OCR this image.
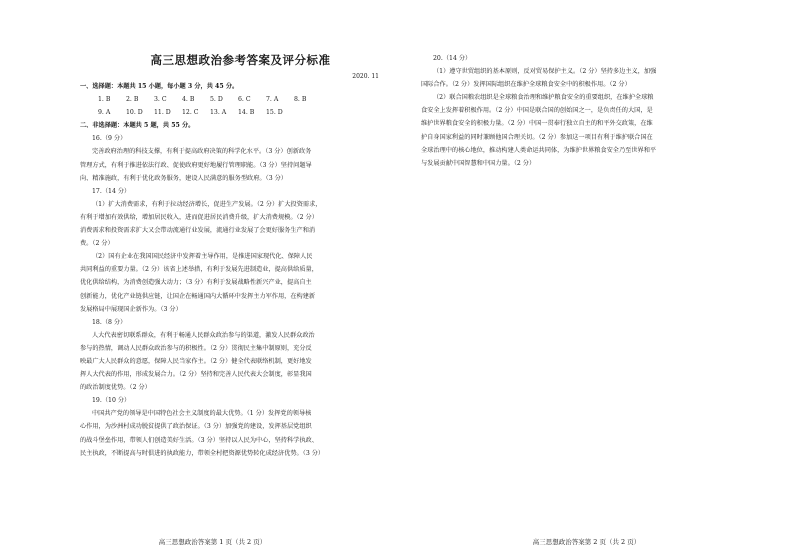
高三思想政治参考答案及评分标准
2020. 11
一、选择题：本题共 15 小题，每小题 3 分，共 45 分。
1. B	2. B	3. C	4. B	5. D	6. C	7. A	8. B
9. A	10. D	11. D	12. C	13. A	14. B	15. D
二、非选择题：本题共 5 题，共 55 分。
16.（9 分）
完善政府治理的科技支撑，有利于提高政府决策的科学化水平。（3 分）创新政务
管理方式，有利于推进依法行政、促使政府更好地履行管理职能。（3 分）坚持问题导
向、精准施政，有利于优化政务服务，建设人民满意的服务型政府。（3 分）
17.（14 分）
（1）扩大消费需求，有利于拉动经济增长，促进生产发展。（2 分）扩大投资需求，
有利于增加有效供给，增加居民收入，进而促进居民消费升级，扩大消费规模。（2 分）
消费需求和投资需求扩大又会带动流通行业发展，流通行业发展了会更好服务生产和消
费。（2 分）
（2）国有企业在我国国民经济中发挥着主导作用，是推进国家现代化、保障人民
共同利益的重要力量。（2 分）该省上述举措，有利于发展先进制造业，提高供给质量，
优化供给结构，为消费创造强大动力；（3 分）有利于发展战略性新兴产业，提高自主
创新能力，优化产业链供应链，让国企在畅通国内大循环中发挥主力军作用，在构建新
发展格局中展现国企新作为。（3 分）
18.（8 分）
人大代表密切联系群众，有利于畅通人民群众政治参与的渠道，激发人民群众政治
参与的热情，调动人民群众政治参与的积极性。（2 分）贯彻民主集中制原则，充分反
映最广大人民群众的意愿，保障人民当家作主。（2 分）健全代表联络机制，更好地发
挥人大代表的作用，形成发展合力。（2 分）坚持和完善人民代表大会制度，彰显我国
的政治制度优势。（2 分）
19.（10 分）
中国共产党的领导是中国特色社会主义制度的最大优势。（1 分）发挥党的领导核
心作用，为沙洲村成功脱贫提供了政治保证。（3 分）加强党的建设，发挥基层党组织
的战斗堡垒作用，带领人们创造美好生活。（3 分）坚持以人民为中心，坚持科学执政、
民主执政，不断提高与时俱进的执政能力，带领全村把资源优势转化成经济优势。（3 分）
高三思想政治答案第 1 页（共 2 页）
20.（14 分）
（1）遵守世贸组织的基本原则，反对贸易保护主义。（2 分）坚持多边主义，加强
国际合作。（2 分）发挥国际组织在维护全球粮食安全中的积极作用。（2 分）
（2）联合国粮农组织是全球粮食治理和维护粮食安全的重要组织，在维护全球粮
食安全上发挥着积极作用。（2 分）中国是联合国的创始国之一，是负责任的大国，是
维护世界粮食安全的积极力量。（2 分）中国一贯奉行独立自主的和平外交政策，在维
护自身国家利益的同时兼顾他国合理关切。（2 分）参加这一项目有利于维护联合国在
全球治理中的核心地位，推动构建人类命运共同体，为维护世界粮食安全乃至世界和平
与发展贡献中国智慧和中国力量。（2 分）
高三思想政治答案第 2 页（共 2 页）
